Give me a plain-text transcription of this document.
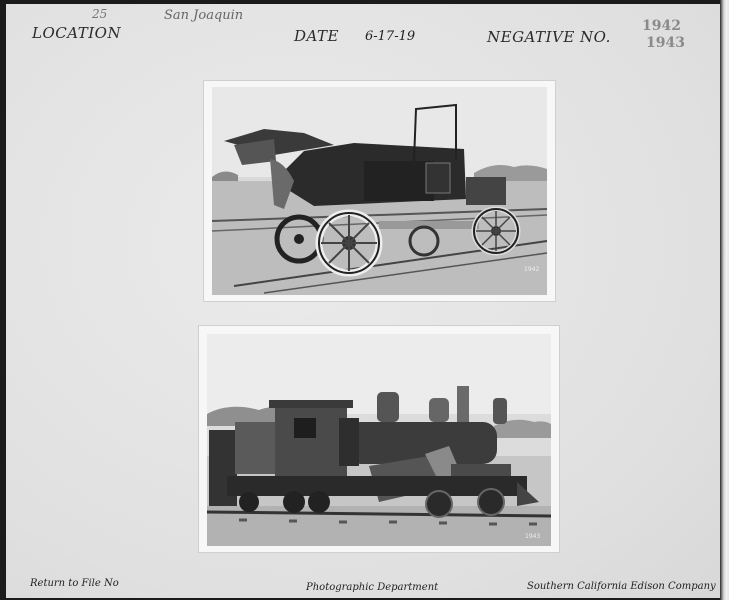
25
LOCATION
San Joaquin
DATE 6-17-19	NEGATIVE NO.
1942
1943
1942
1943
Return to File No	Photographic Department	Southern California Edison Company
